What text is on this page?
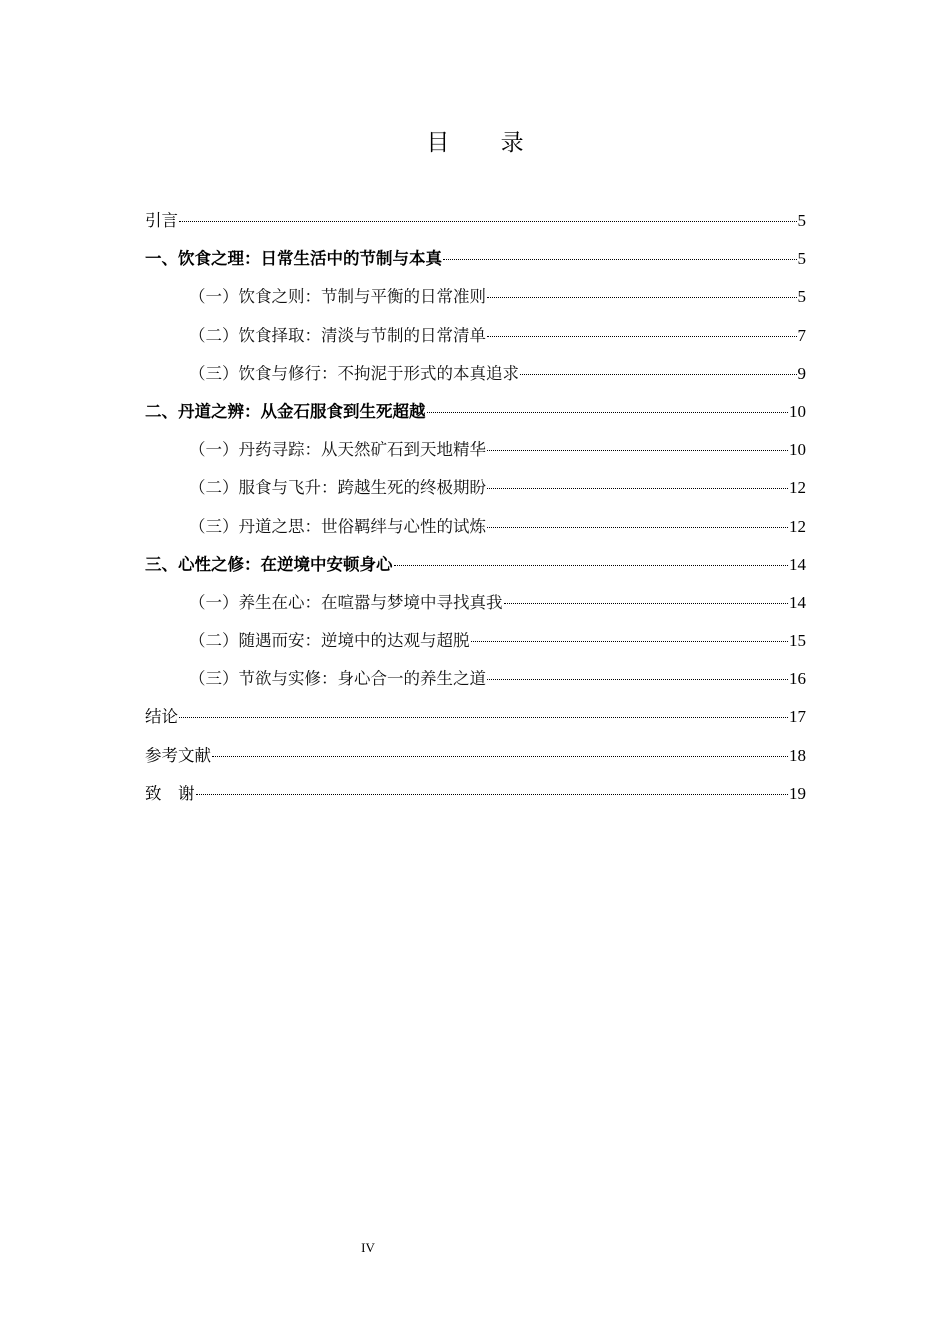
目 录
引言	5
一、饮食之理：日常生活中的节制与本真	5
（一）饮食之则：节制与平衡的日常准则	5
（二）饮食择取：清淡与节制的日常清单	7
（三）饮食与修行：不拘泥于形式的本真追求	9
二、丹道之辨：从金石服食到生死超越	10
（一）丹药寻踪：从天然矿石到天地精华	10
（二）服食与飞升：跨越生死的终极期盼	12
（三）丹道之思：世俗羁绊与心性的试炼	12
三、心性之修：在逆境中安顿身心	14
（一）养生在心：在喧嚣与梦境中寻找真我	14
（二）随遇而安：逆境中的达观与超脱	15
（三）节欲与实修：身心合一的养生之道	16
结论	17
参考文献	18
致　谢	19
IV
